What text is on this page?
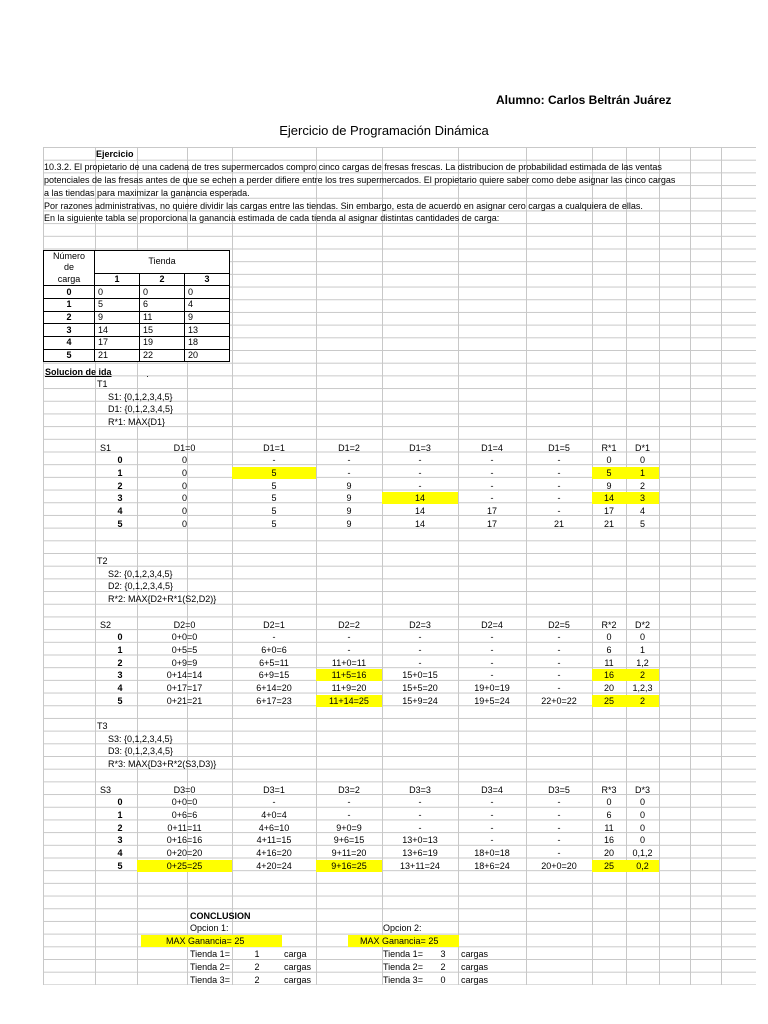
Alumno: Carlos Beltrán Juárez
Ejercicio de Programación Dinámica
Ejercicio
10.3.2. El propietario de una cadena de tres supermercados compro cinco cargas de fresas frescas. La distribucion de probabilidad estimada de las ventas
potenciales de las fresas antes de que se echen a perder difiere entre los tres supermercados. El propietario quiere saber como debe asignar las cinco cargas
a las tiendas para maximizar la ganancia esperada.
Por razones administrativas, no quiere dividir las cargas entre las tiendas. Sin embargo, esta de acuerdo en asignar cero cargas a cualquiera de ellas.
En la siguiente tabla se proporciona la ganancia estimada de cada tienda al asignar distintas cantidades de carga:
Número de	Tienda		
carga	1	2	3
0	0	0	0
1	5	6	4
2	9	11	9
3	14	15	13
4	17	19	18
5	21	22	20
Solucion de ida	·
T1
S1: {0,1,2,3,4,5}
D1: {0,1,2,3,4,5}
R*1: MAX{D1}
S1	D1=0	D1=1	D1=2	D1=3	D1=4	D1=5	R*1	D*1
0	0	-	-	-	-	-	0	0
1	0	5	-	-	-	-	5	1
2	0	5	9	-	-	-	9	2
3	0	5	9	14	-	-	14	3
4	0	5	9	14	17	-	17	4
5	0	5	9	14	17	21	21	5
T2
S2: {0,1,2,3,4,5}
D2: {0,1,2,3,4,5}
R*2: MAX{D2+R*1(S2,D2)}
S2	D2=0	D2=1	D2=2	D2=3	D2=4	D2=5	R*2	D*2
0	0+0=0	-	-	-	-	-	0	0
1	0+5=5	6+0=6	-	-	-	-	6	1
2	0+9=9	6+5=11	11+0=11	-	-	-	11	1,2
3	0+14=14	6+9=15	11+5=16	15+0=15	-	-	16	2
4	0+17=17	6+14=20	11+9=20	15+5=20	19+0=19	-	20	1,2,3
5	0+21=21	6+17=23	11+14=25	15+9=24	19+5=24	22+0=22	25	2
T3
S3: {0,1,2,3,4,5}
D3: {0,1,2,3,4,5}
R*3: MAX{D3+R*2(S3,D3)}
S3	D3=0	D3=1	D3=2	D3=3	D3=4	D3=5	R*3	D*3
0	0+0=0	-	-	-	-	-	0	0
1	0+6=6	4+0=4	-	-	-	-	6	0
2	0+11=11	4+6=10	9+0=9	-	-	-	11	0
3	0+16=16	4+11=15	9+6=15	13+0=13	-	-	16	0
4	0+20=20	4+16=20	9+11=20	13+6=19	18+0=18	-	20	0,1,2
5	0+25=25	4+20=24	9+16=25	13+11=24	18+6=24	20+0=20	25	0,2
CONCLUSION
Opcion 1:
MAX Ganancia= 25
Tienda 1=	1	carga
Tienda 2=	2	cargas
Tienda 3=	2	cargas
Opcion 2:
MAX Ganancia= 25
Tienda 1=	3	cargas
Tienda 2=	2	cargas
Tienda 3=	0	cargas
